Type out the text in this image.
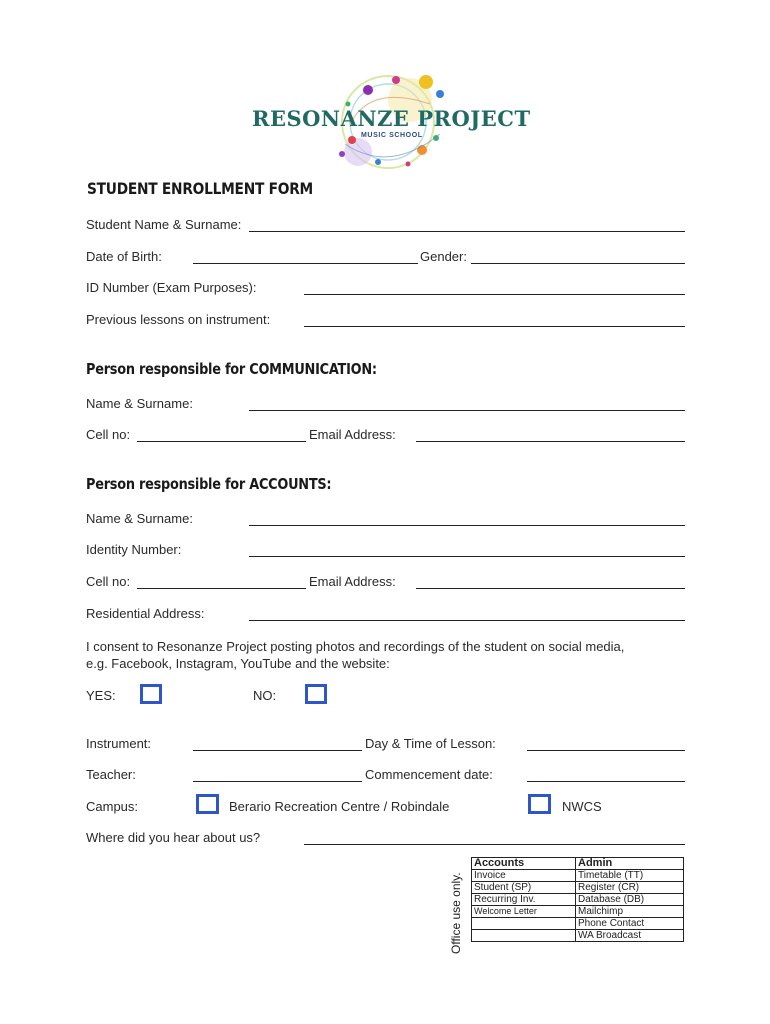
RESONANZE PROJECT
MUSIC SCHOOL
STUDENT ENROLLMENT FORM
Student Name & Surname:
Date of Birth:	Gender:
ID Number (Exam Purposes):
Previous lessons on instrument:
Person responsible for COMMUNICATION:
Name & Surname:
Cell no:	Email Address:
Person responsible for ACCOUNTS:
Name & Surname:
Identity Number:
Cell no:	Email Address:
Residential Address:
I consent to Resonanze Project posting photos and recordings of the student on social media,
e.g. Facebook, Instagram, YouTube and the website:
YES:	NO:
Instrument:	Day & Time of Lesson:
Teacher:	Commencement date:
Campus:	Berario Recreation Centre / Robindale	NWCS
Where did you hear about us?
Office use only.
Accounts	Admin
Invoice	Timetable (TT)
Student (SP)	Register (CR)
Recurring Inv.	Database (DB)
Welcome Letter	Mailchimp
	Phone Contact
	WA Broadcast
